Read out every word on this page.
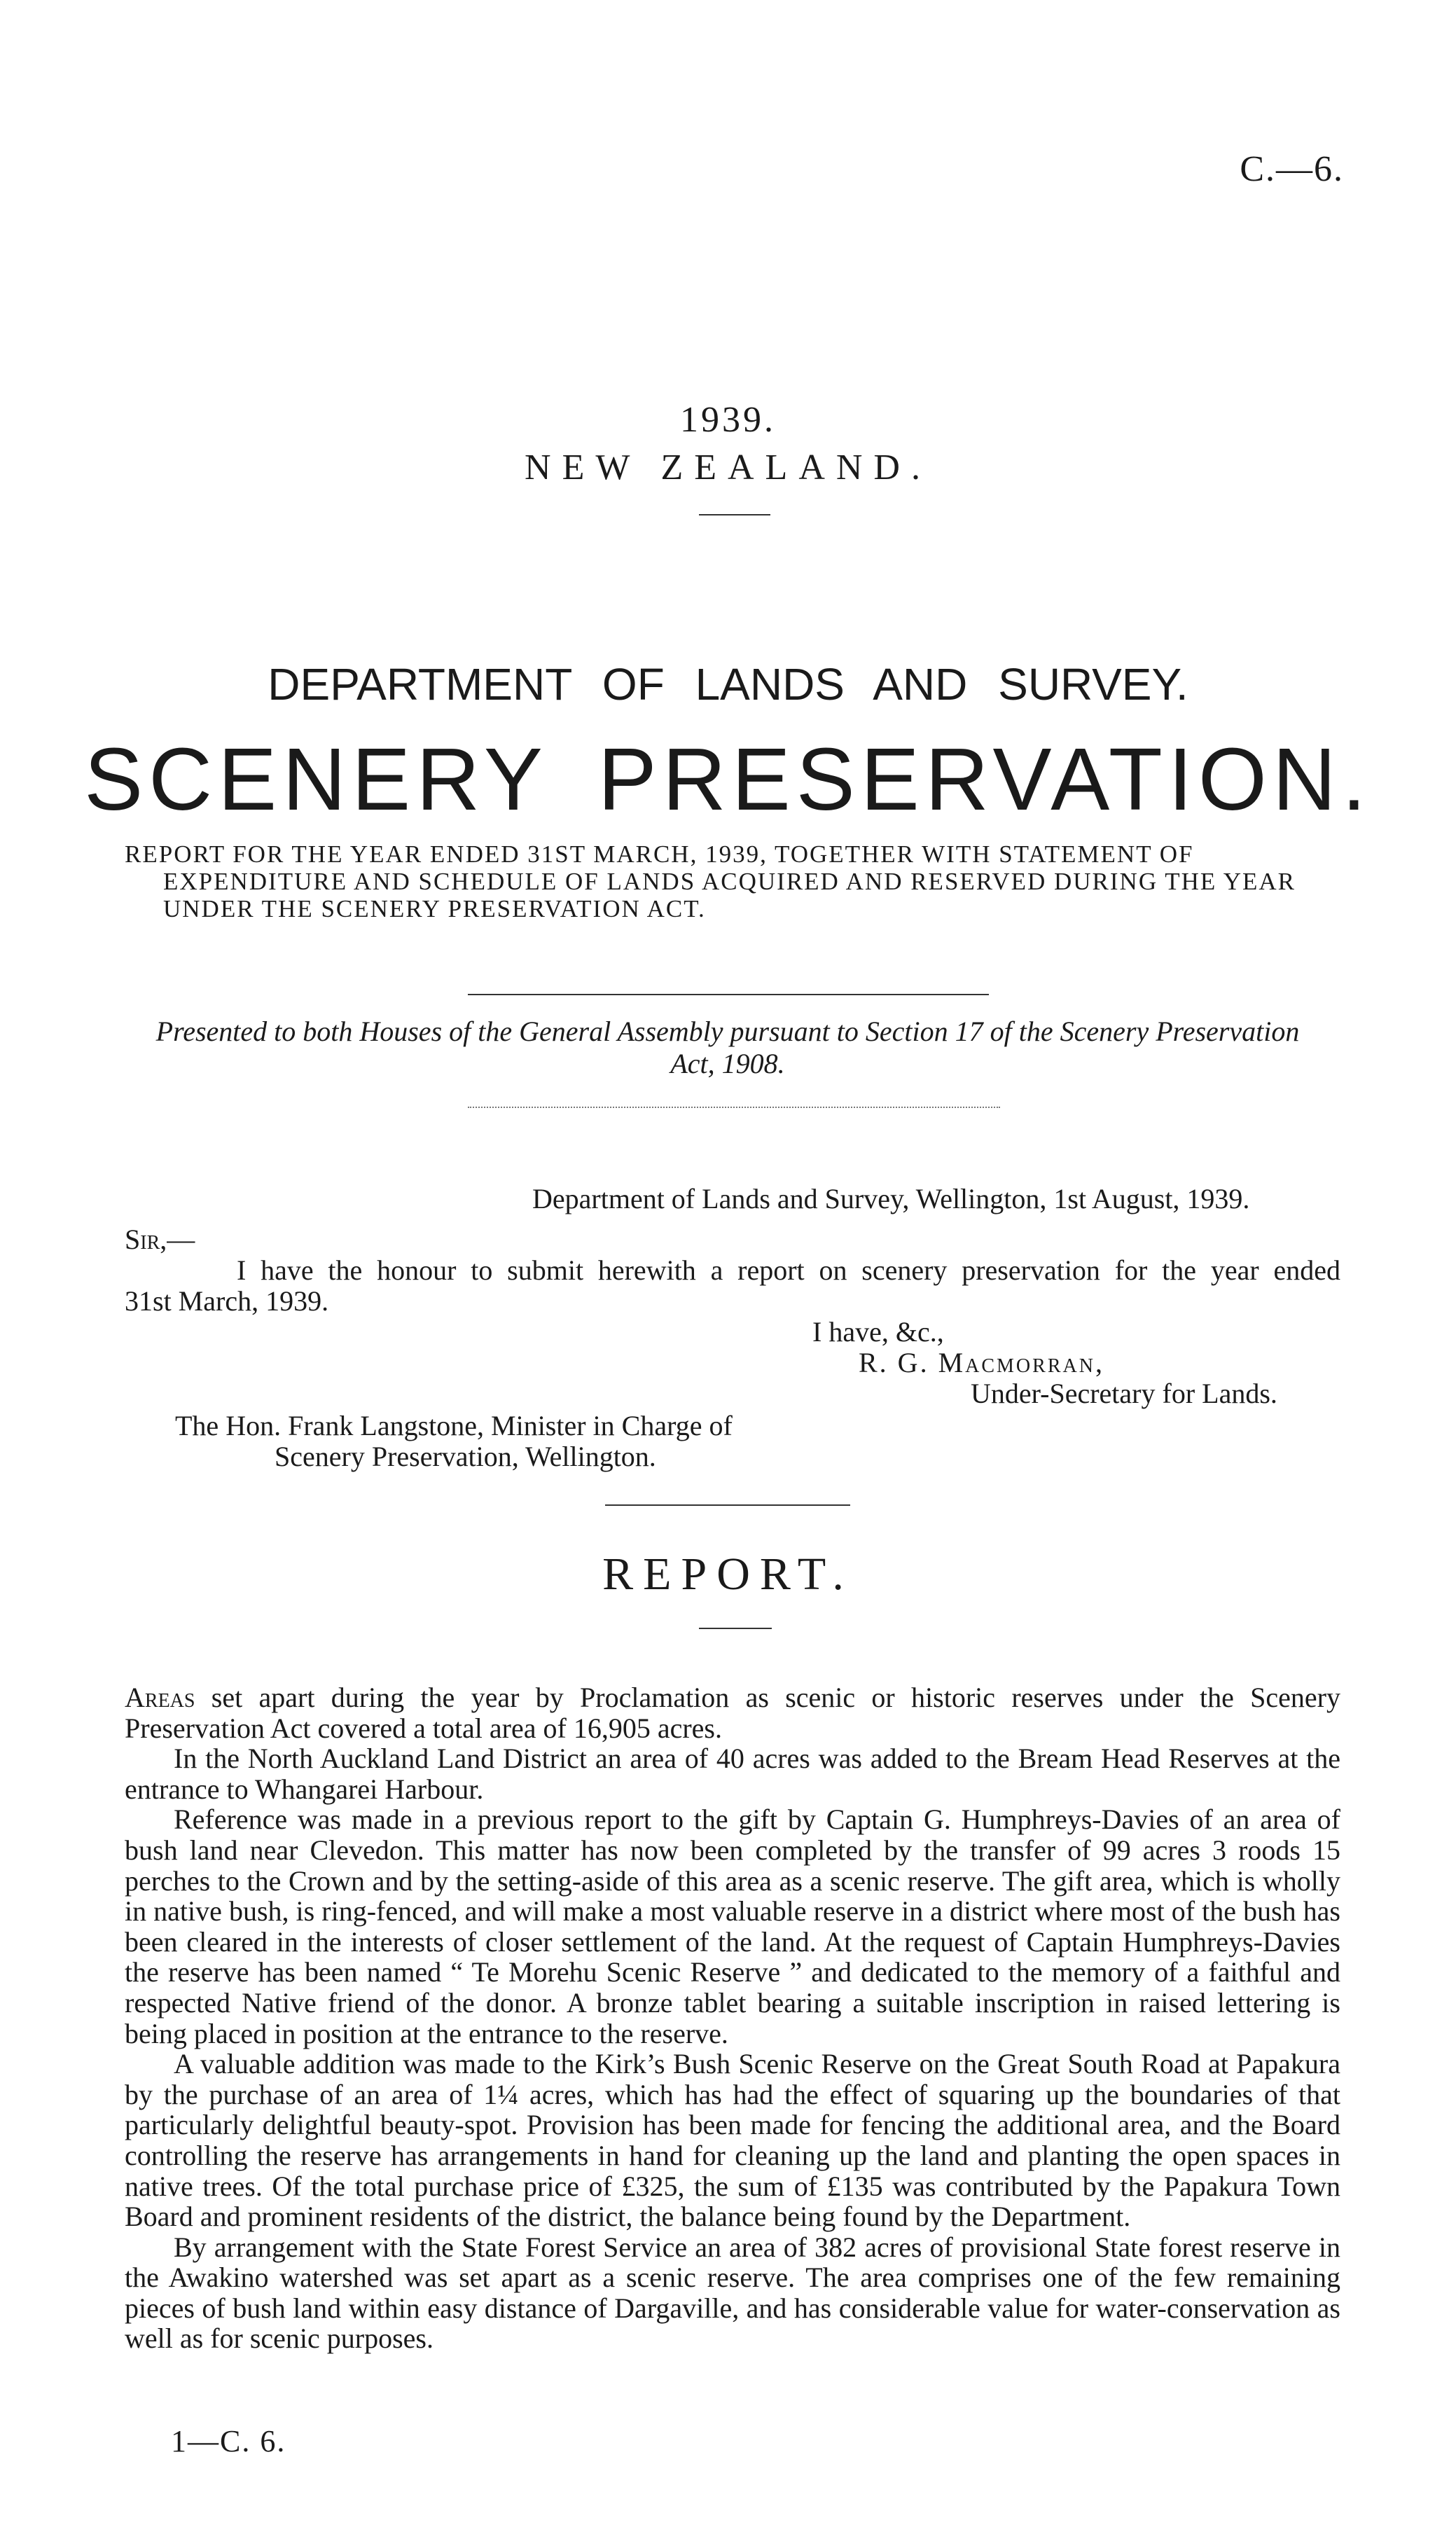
C.—6.
1939.
NEW ZEALAND.
DEPARTMENT OF LANDS AND SURVEY.
SCENERY PRESERVATION.
REPORT FOR THE YEAR ENDED 31ST MARCH, 1939, TOGETHER WITH STATEMENT OF
EXPENDITURE AND SCHEDULE OF LANDS ACQUIRED AND RESERVED DURING THE YEAR
UNDER THE SCENERY PRESERVATION ACT.
Presented to both Houses of the General Assembly pursuant to Section 17 of the Scenery Preservation
Act, 1908.
Department of Lands and Survey, Wellington, 1st August, 1939.
Sir,—
I have the honour to submit herewith a report on scenery preservation for the year ended
31st March, 1939.
I have, &c.,
R. G. Macmorran,
Under-Secretary for Lands.
The Hon. Frank Langstone, Minister in Charge of
Scenery Preservation, Wellington.
REPORT.

Areas set apart during the year by Proclamation as scenic or historic reserves under the Scenery Preservation Act covered a total area of 16,905 acres.

In the North Auckland Land District an area of 40 acres was added to the Bream Head Reserves at the entrance to Whangarei Harbour.

Reference was made in a previous report to the gift by Captain G. Humphreys-Davies of an area of bush land near Clevedon. This matter has now been completed by the transfer of 99 acres 3 roods 15 perches to the Crown and by the setting-aside of this area as a scenic reserve. The gift area, which is wholly in native bush, is ring-fenced, and will make a most valuable reserve in a district where most of the bush has been cleared in the interests of closer settlement of the land. At the request of Captain Humphreys-Davies the reserve has been named “ Te Morehu Scenic Reserve ” and dedicated to the memory of a faithful and respected Native friend of the donor. A bronze tablet bearing a suitable inscription in raised lettering is being placed in position at the entrance to the reserve.

A valuable addition was made to the Kirk’s Bush Scenic Reserve on the Great South Road at Papakura by the purchase of an area of 1¼ acres, which has had the effect of squaring up the boundaries of that particularly delightful beauty-spot. Provision has been made for fencing the additional area, and the Board controlling the reserve has arrangements in hand for cleaning up the land and planting the open spaces in native trees. Of the total purchase price of £325, the sum of £135 was contributed by the Papakura Town Board and prominent residents of the district, the balance being found by the Department.

By arrangement with the State Forest Service an area of 382 acres of provisional State forest reserve in the Awakino watershed was set apart as a scenic reserve. The area comprises one of the few remaining pieces of bush land within easy distance of Dargaville, and has considerable value for water-conservation as well as for scenic purposes.

1—C. 6.
